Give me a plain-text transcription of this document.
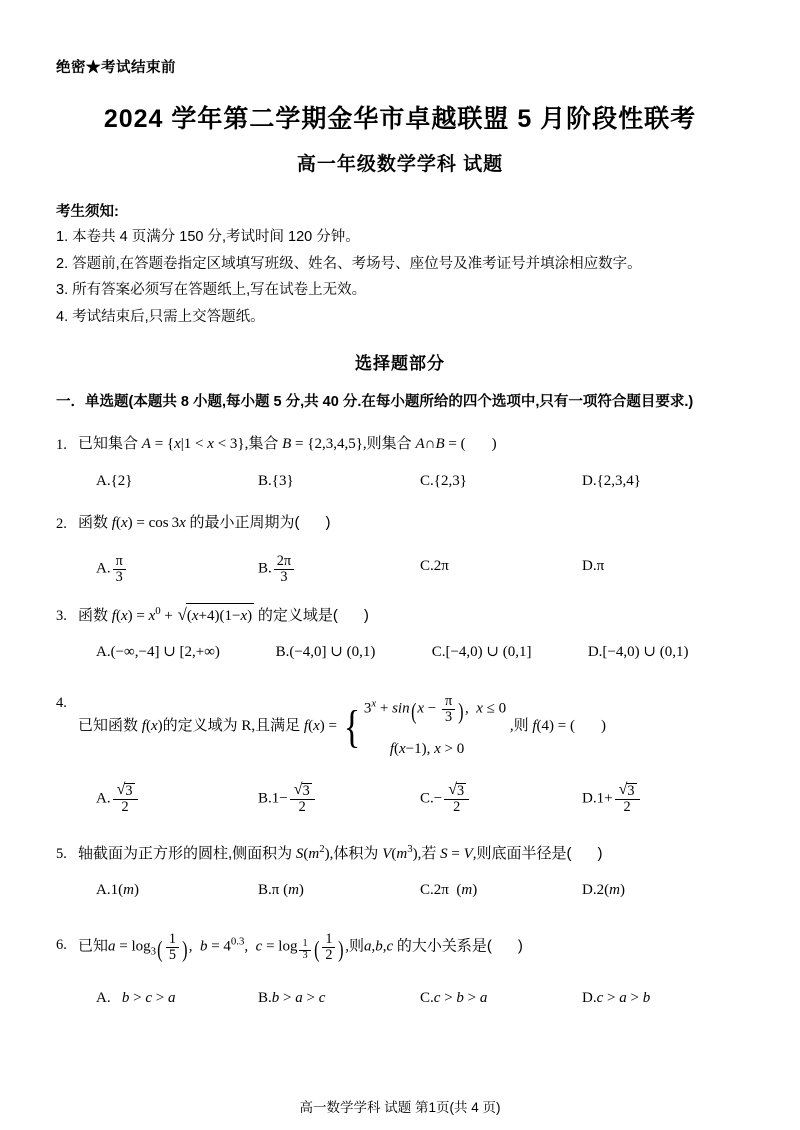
绝密★考试结束前
2024 学年第二学期金华市卓越联盟 5 月阶段性联考
高一年级数学学科 试题
考生须知:
1. 本卷共 4 页满分 150 分,考试时间 120 分钟。
2. 答题前,在答题卷指定区域填写班级、姓名、考场号、座位号及准考证号并填涂相应数字。
3. 所有答案必须写在答题纸上,写在试卷上无效。
4. 考试结束后,只需上交答题纸。
选择题部分
一．单选题(本题共 8 小题,每小题 5 分,共 40 分.在每小题所给的四个选项中,只有一项符合题目要求.)
1. 已知集合 A = {x|1 < x < 3},集合 B = {2,3,4,5},则集合 A∩B = ( )
A.{2}	B.{3}	C.{2,3}	D.{2,3,4}
2. 函数 f(x) = cos 3x 的最小正周期为( )
A. $\frac{\pi}{3}$	B. $\frac{2\pi}{3}$	C.2π	D.π
3. 函数 $f(x) = x^0$ + √ (x+4)(1−x) 的定义域是( )
A.(−∞,−4] ∪ [2,+∞)	B.(−4,0] ∪ (0,1)	C.[−4,0) ∪ (0,1]	D.[−4,0) ∪ (0,1)
4.
已知函数 f(x)的定义域为 R,且满足 f(x) = { $3^x + \sin(x - \frac{\pi}{3}$ ),  x ≤ 0
f(x−1), x > 0
,则 f(4) = ( )
A. √ $\frac{3}{2}$	B.1− √ $\frac{3}{2}$	C.− √ $\frac{3}{2}$	D.1+ √ $\frac{3}{2}$
5. 轴截面为正方形的圆柱,侧面积为 $S(m^2)$,体积为 $V(m^3)$,若 S = V,则底面半径是( )
A.1(m)	B.π (m)	C.2π  (m)	D.2(m)
6. 已知$a = \log_3( \frac{1}{5}$ ),  $b = 4^{0.3}$,  c = log $_{\frac{1}{3}}$ ( $\frac{1}{2}$ ),则a,b,c 的大小关系是( )
A.   b > c > a	B.b > a > c	C.c > b > a	D.c > a > b
高一数学学科 试题 第1页(共 4 页)
